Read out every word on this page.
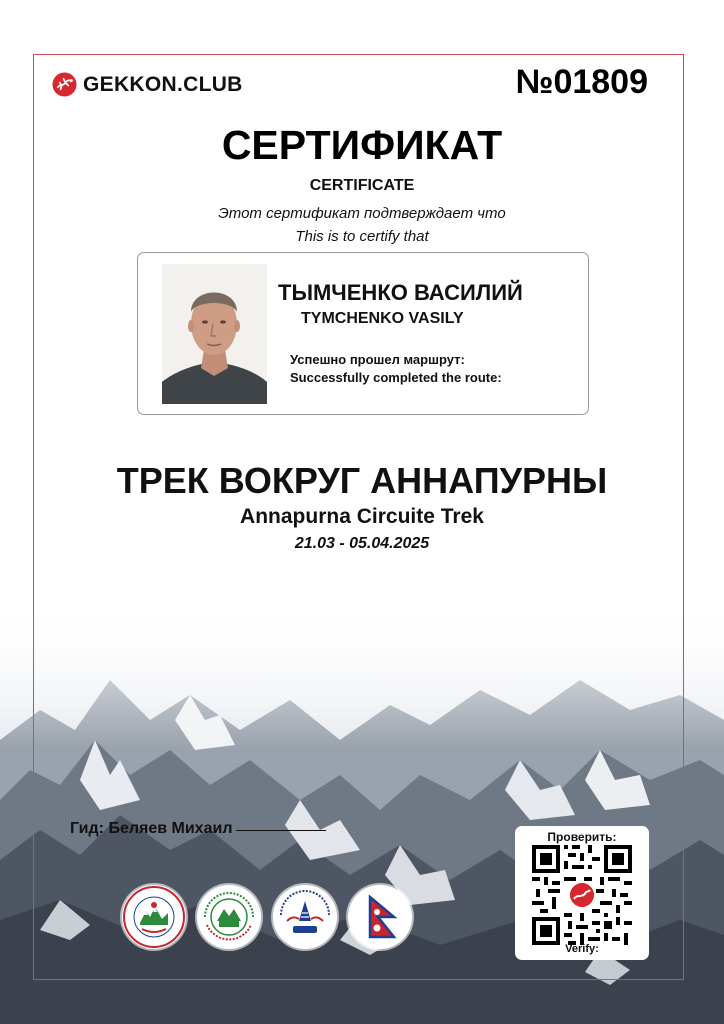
GEKKON.CLUB	№01809
СЕРТИФИКАТ
CERTIFICATE
Этот сертификат подтверждает что
This is to certify that
ТЫМЧЕНКО ВАСИЛИЙ
TYMCHENKO VASILY
Успешно прошел маршрут:
Successfully completed the route:
ТРЕК ВОКРУГ АННАПУРНЫ
Annapurna Circuite Trek
21.03 - 05.04.2025
Гид: Беляев Михаил	Проверить:
Verify:
